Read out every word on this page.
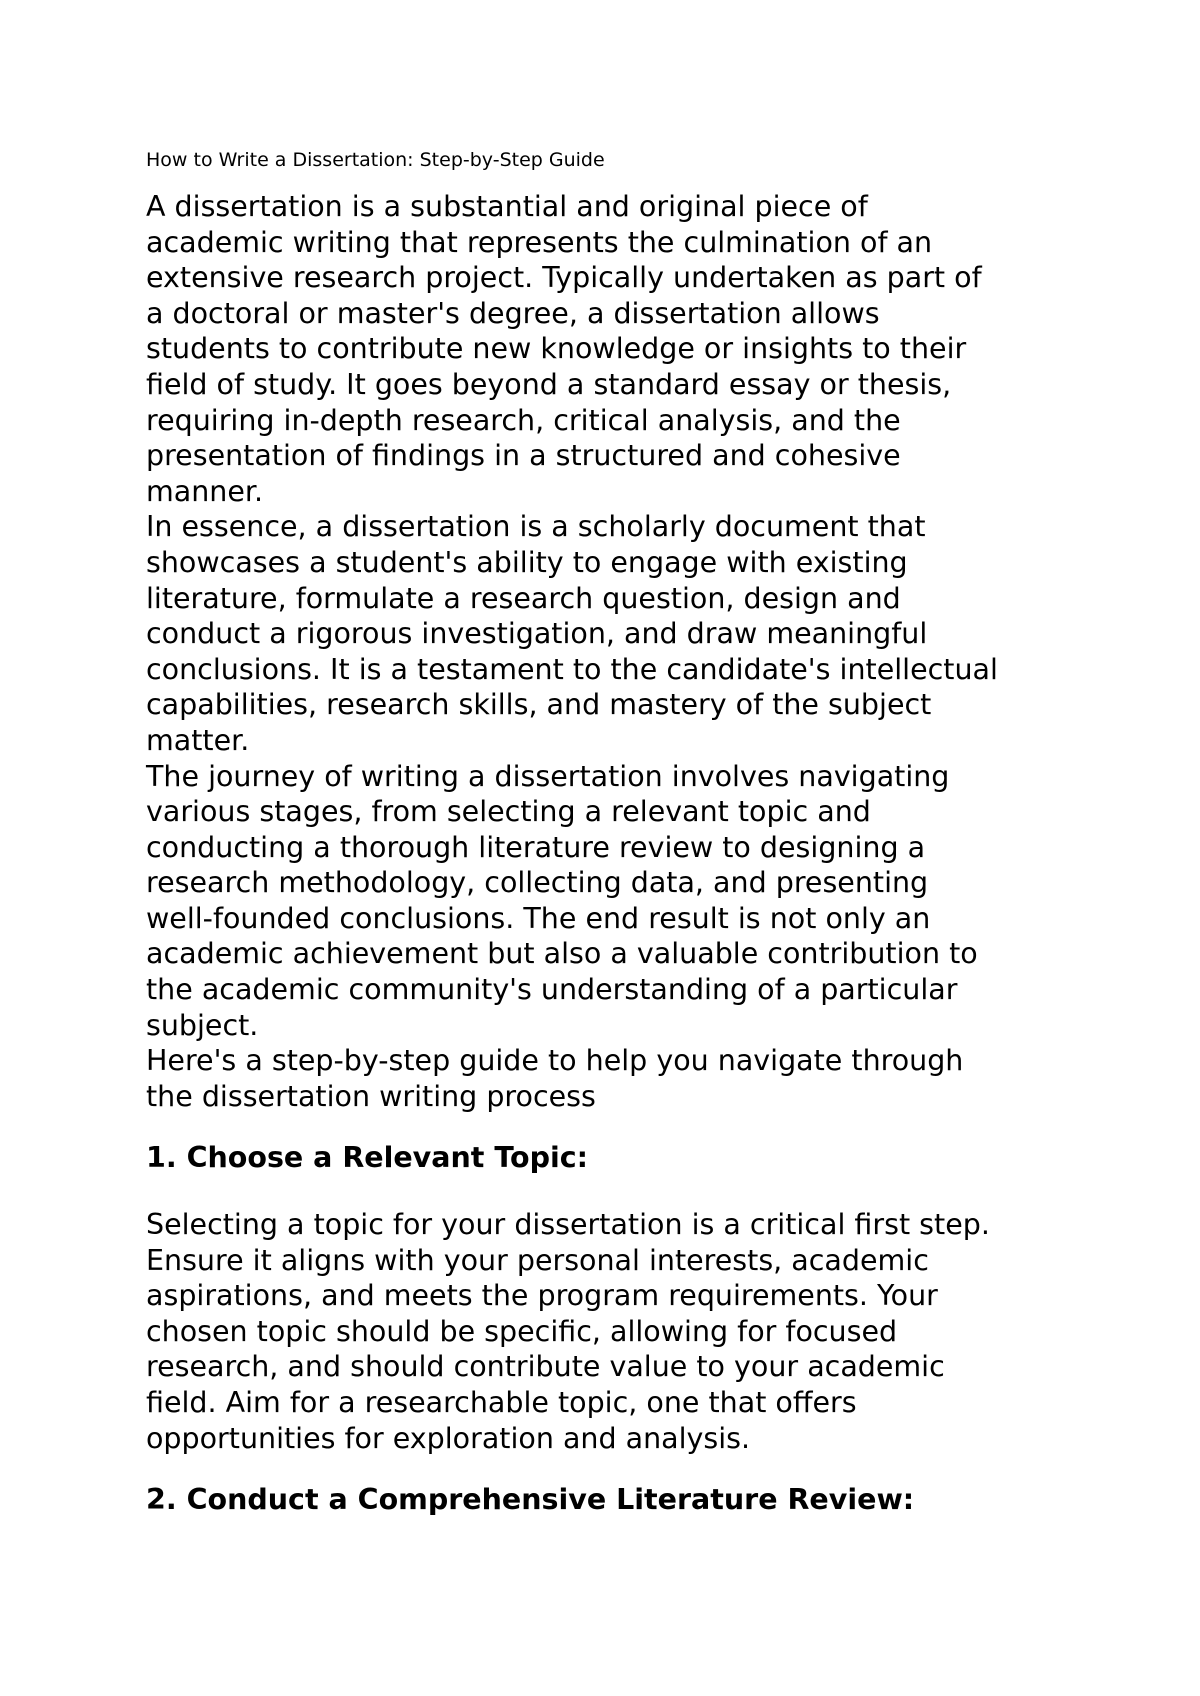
How to Write a Dissertation: Step-by-Step Guide

A dissertation is a substantial and original piece of

academic writing that represents the culmination of an

extensive research project. Typically undertaken as part of

a doctoral or master's degree, a dissertation allows

students to contribute new knowledge or insights to their

field of study. It goes beyond a standard essay or thesis,

requiring in-depth research, critical analysis, and the

presentation of findings in a structured and cohesive

manner.

In essence, a dissertation is a scholarly document that

showcases a student's ability to engage with existing

literature, formulate a research question, design and

conduct a rigorous investigation, and draw meaningful

conclusions. It is a testament to the candidate's intellectual

capabilities, research skills, and mastery of the subject

matter.

The journey of writing a dissertation involves navigating

various stages, from selecting a relevant topic and

conducting a thorough literature review to designing a

research methodology, collecting data, and presenting

well-founded conclusions. The end result is not only an

academic achievement but also a valuable contribution to

the academic community's understanding of a particular

subject.

Here's a step-by-step guide to help you navigate through

the dissertation writing process

1. Choose a Relevant Topic:

Selecting a topic for your dissertation is a critical first step.

Ensure it aligns with your personal interests, academic

aspirations, and meets the program requirements. Your

chosen topic should be specific, allowing for focused

research, and should contribute value to your academic

field. Aim for a researchable topic, one that offers

opportunities for exploration and analysis.

2. Conduct a Comprehensive Literature Review:
